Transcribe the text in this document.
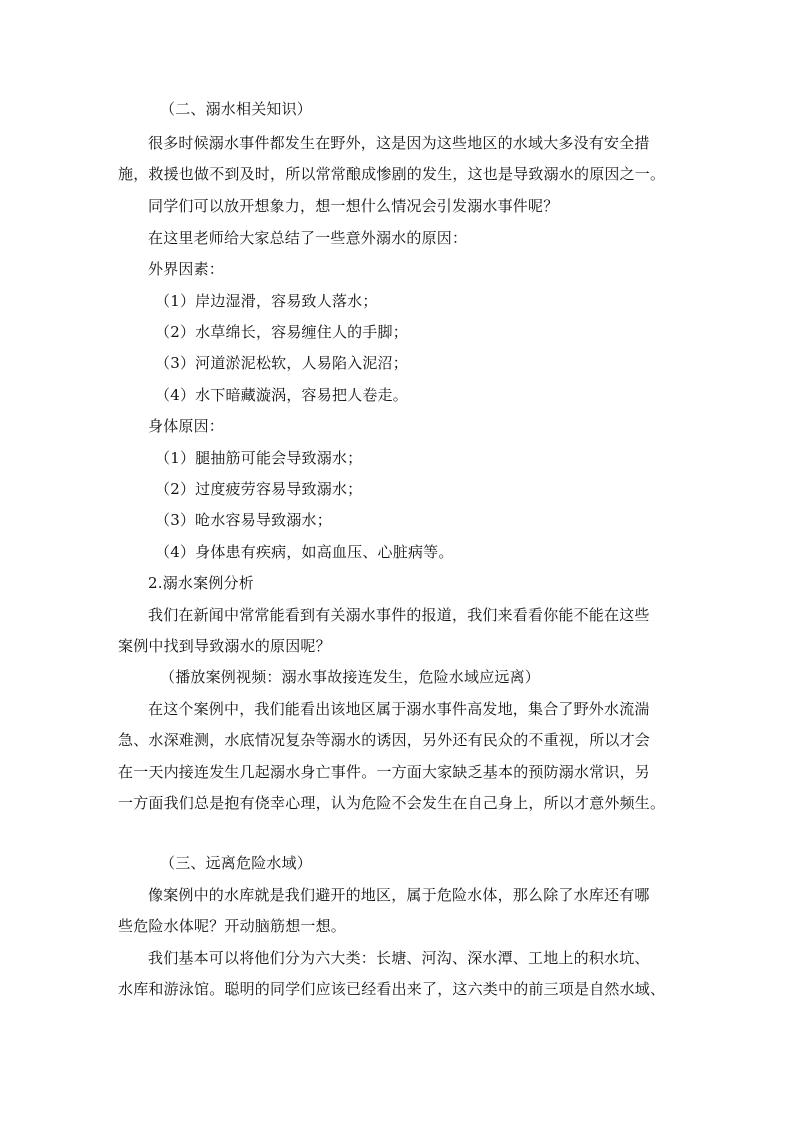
（二、溺水相关知识）
很多时候溺水事件都发生在野外，这是因为这些地区的水域大多没有安全措
施，救援也做不到及时，所以常常酿成惨剧的发生，这也是导致溺水的原因之一。
同学们可以放开想象力，想一想什么情况会引发溺水事件呢？
在这里老师给大家总结了一些意外溺水的原因：
外界因素：
（1）岸边湿滑，容易致人落水；
（2）水草绵长，容易缠住人的手脚；
（3）河道淤泥松软，人易陷入泥沼；
（4）水下暗藏漩涡，容易把人卷走。
身体原因：
（1）腿抽筋可能会导致溺水；
（2）过度疲劳容易导致溺水；
（3）呛水容易导致溺水；
（4）身体患有疾病，如高血压、心脏病等。
2.溺水案例分析
我们在新闻中常常能看到有关溺水事件的报道，我们来看看你能不能在这些
案例中找到导致溺水的原因呢？
（播放案例视频：溺水事故接连发生，危险水域应远离）
在这个案例中，我们能看出该地区属于溺水事件高发地，集合了野外水流湍
急、水深难测，水底情况复杂等溺水的诱因，另外还有民众的不重视，所以才会
在一天内接连发生几起溺水身亡事件。一方面大家缺乏基本的预防溺水常识，另
一方面我们总是抱有侥幸心理，认为危险不会发生在自己身上，所以才意外频生。
（三、远离危险水域）
像案例中的水库就是我们避开的地区，属于危险水体，那么除了水库还有哪
些危险水体呢？开动脑筋想一想。
我们基本可以将他们分为六大类：长塘、河沟、深水潭、工地上的积水坑、
水库和游泳馆。聪明的同学们应该已经看出来了，这六类中的前三项是自然水域、
